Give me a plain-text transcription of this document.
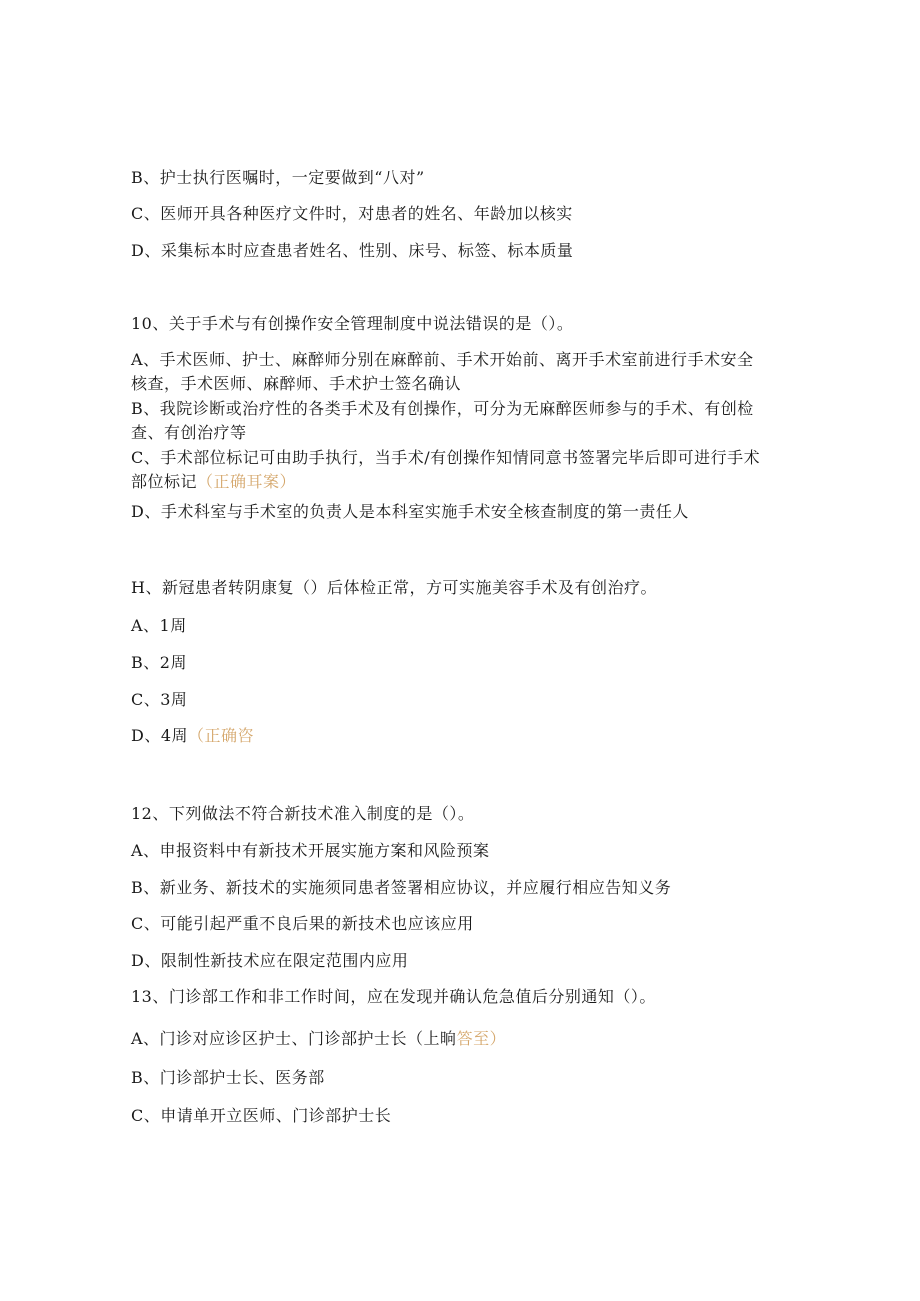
B、护士执行医嘱时，一定要做到“八对”
C、医师开具各种医疗文件时，对患者的姓名、年龄加以核实
D、采集标本时应查患者姓名、性别、床号、标签、标本质量
10、关于手术与有创操作安全管理制度中说法错误的是（）。
A、手术医师、护士、麻醉师分别在麻醉前、手术开始前、离开手术室前进行手术安全
核查，手术医师、麻醉师、手术护士签名确认
B、我院诊断或治疗性的各类手术及有创操作，可分为无麻醉医师参与的手术、有创检
查、有创治疗等
C、手术部位标记可由助手执行，当手术/有创操作知情同意书签署完毕后即可进行手术
部位标记（正确耳案）
D、手术科室与手术室的负责人是本科室实施手术安全核查制度的第一责任人
H、新冠患者转阴康复（）后体检正常，方可实施美容手术及有创治疗。
A、1周
B、2周
C、3周
D、4周（正确咨
12、下列做法不符合新技术准入制度的是（）。
A、申报资料中有新技术开展实施方案和风险预案
B、新业务、新技术的实施须同患者签署相应协议，并应履行相应告知义务
C、可能引起严重不良后果的新技术也应该应用
D、限制性新技术应在限定范围内应用
13、门诊部工作和非工作时间，应在发现并确认危急值后分别通知（）。
A、门诊对应诊区护士、门诊部护士长（上晌答至）
B、门诊部护士长、医务部
C、申请单开立医师、门诊部护士长
